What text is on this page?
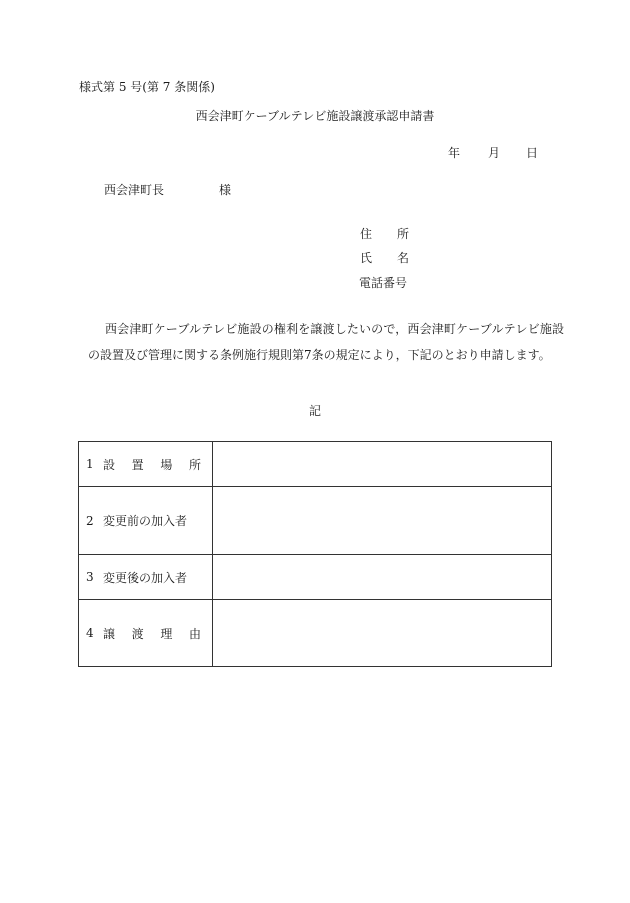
様式第 5 号(第 7 条関係)
西会津町ケーブルテレビ施設譲渡承認申請書
年 月 日
西会津町長	様
住 所
氏 名
電話番号
西会津町ケーブルテレビ施設の権利を譲渡したいので，西会津町ケーブルテレビ施設の設置及び管理に関する条例施行規則第7条の規定により，下記のとおり申請します。
記
1 設 置 場 所	

2 変更前の加入者	

3 変更後の加入者	

4 譲 渡 理 由	
